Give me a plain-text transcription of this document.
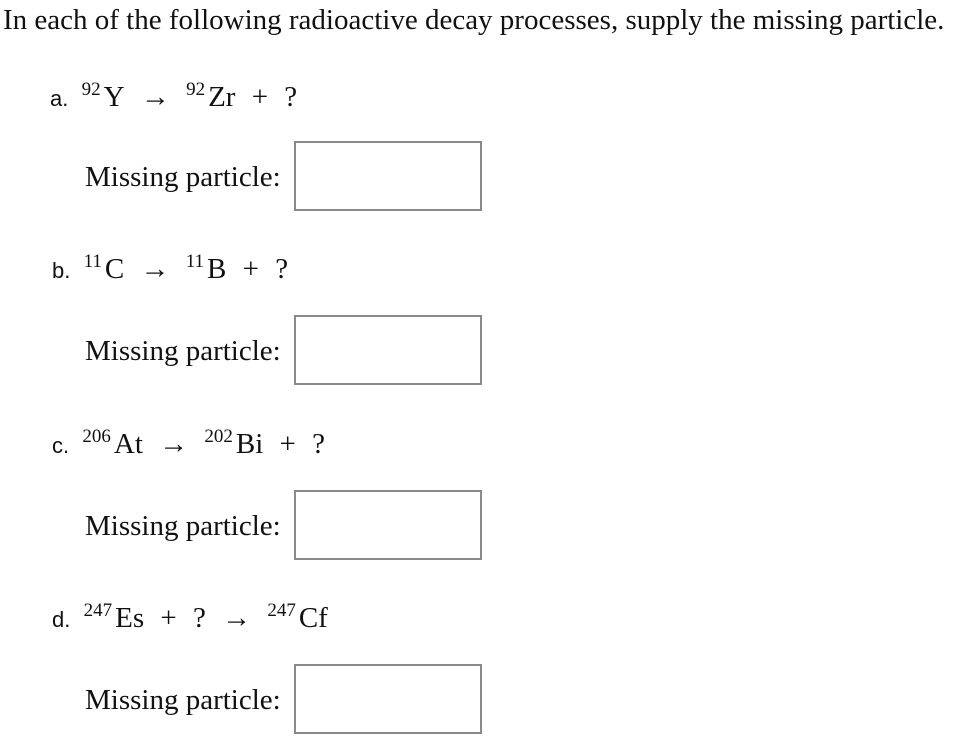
In each of the following radioactive decay processes, supply the missing particle.
a. $^{92}$ Y → $^{92}$ Zr + ?
Missing particle:
b. $^{11}$ C → $^{11}$ B + ?
Missing particle:
c. $^{206}$ At → $^{202}$ Bi + ?
Missing particle:
d. $^{247}$ Es + ? → $^{247}$ Cf
Missing particle:
